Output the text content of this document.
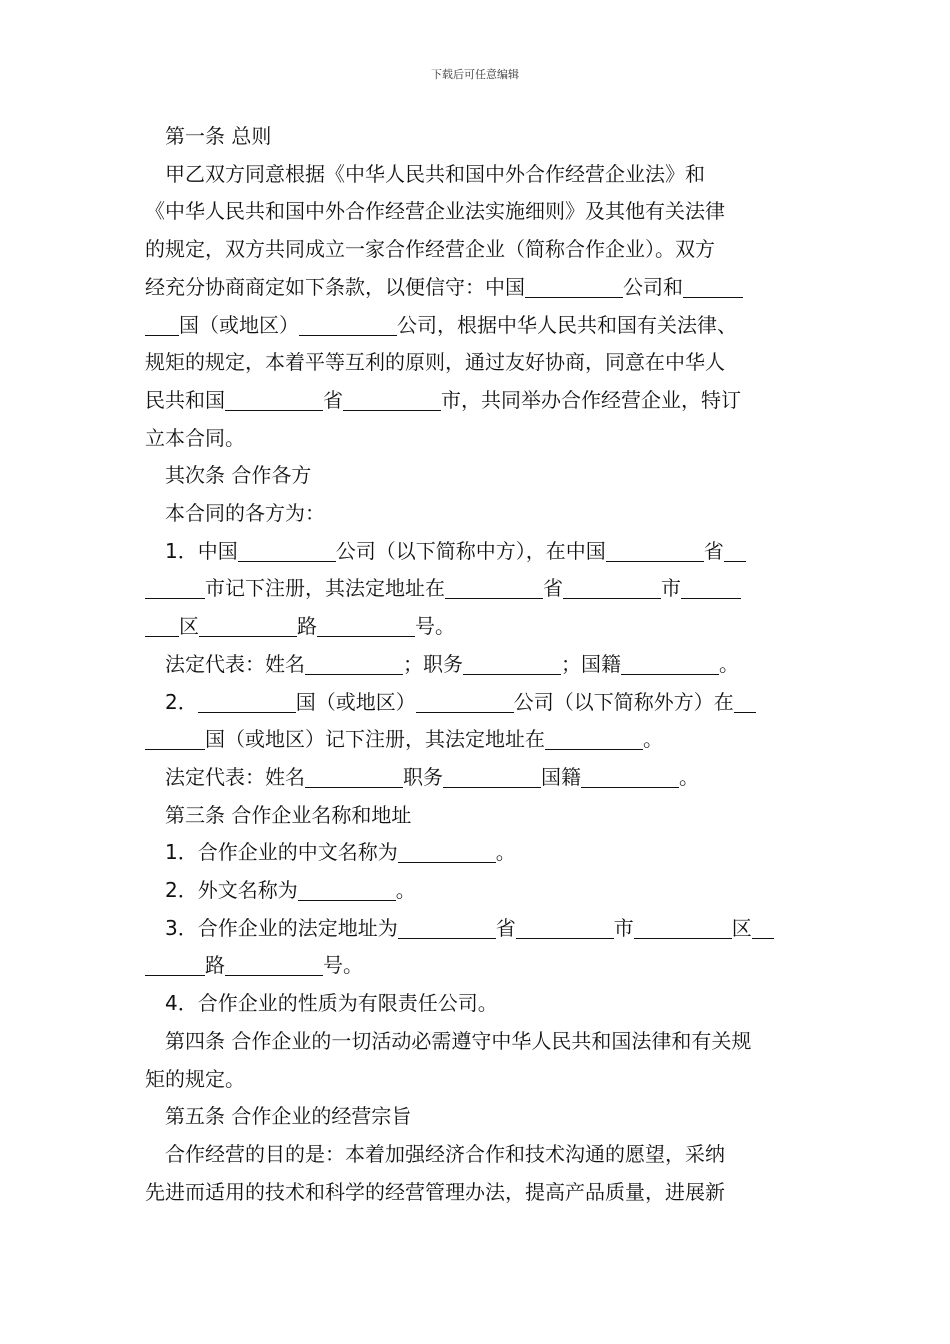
下载后可任意编辑

第一条 总则

甲乙双方同意根据《中华人民共和国中外合作经营企业法》和

《中华人民共和国中外合作经营企业法实施细则》及其他有关法律

的规定，双方共同成立一家合作经营企业（简称合作企业）。双方

经充分协商商定如下条款，以便信守：中国	公司和

国（或地区）	公司，根据中华人民共和国有关法律、

规矩的规定，本着平等互利的原则，通过友好协商，同意在中华人

民共和国	省	市，共同举办合作经营企业，特订

立本合同。

其次条 合作各方

本合同的各方为：

1．中国	公司（以下简称中方），在中国	省

市记下注册，其法定地址在	省	市

区	路	号。

法定代表：姓名	；职务	；国籍	。

2．	国（或地区）	公司（以下简称外方）在

国（或地区）记下注册，其法定地址在	。

法定代表：姓名	职务	国籍	。

第三条 合作企业名称和地址

1．合作企业的中文名称为	。

2．外文名称为	。

3．合作企业的法定地址为	省	市	区

路	号。

4．合作企业的性质为有限责任公司。

第四条 合作企业的一切活动必需遵守中华人民共和国法律和有关规

矩的规定。

第五条 合作企业的经营宗旨

合作经营的目的是：本着加强经济合作和技术沟通的愿望，采纳

先进而适用的技术和科学的经营管理办法，提高产品质量，进展新
